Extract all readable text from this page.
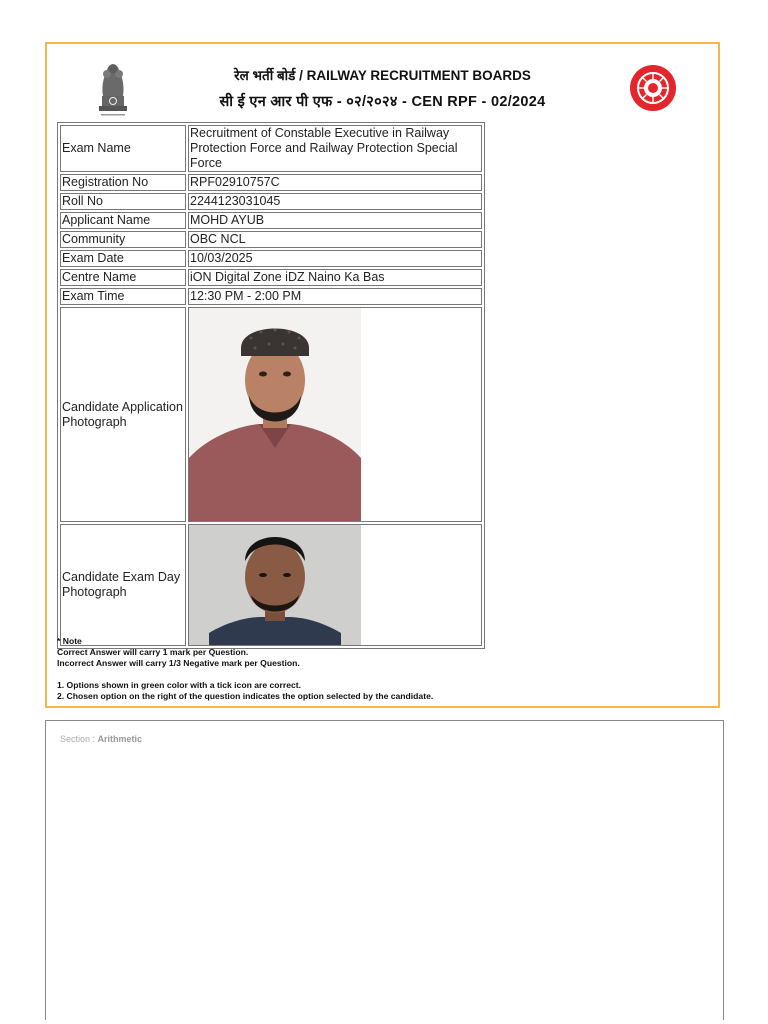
रेल भर्ती बोर्ड / RAILWAY RECRUITMENT BOARDS
सी ई एन आर पी एफ - ०२/२०२४ - CEN RPF - 02/2024
Exam Name	Recruitment of Constable Executive in Railway Protection Force and Railway Protection Special Force
Registration No	RPF02910757C
Roll No	2244123031045
Applicant Name	MOHD AYUB
Community	OBC NCL
Exam Date	10/03/2025
Centre Name	iON Digital Zone iDZ Naino Ka Bas
Exam Time	12:30 PM - 2:00 PM
Candidate Application Photograph	

Candidate Exam Day Photograph	
* Note
Correct Answer will carry 1 mark per Question.
Incorrect Answer will carry 1/3 Negative mark per Question.
1. Options shown in green color with a tick icon are correct.
2. Chosen option on the right of the question indicates the option selected by the candidate.
Section : Arithmetic
